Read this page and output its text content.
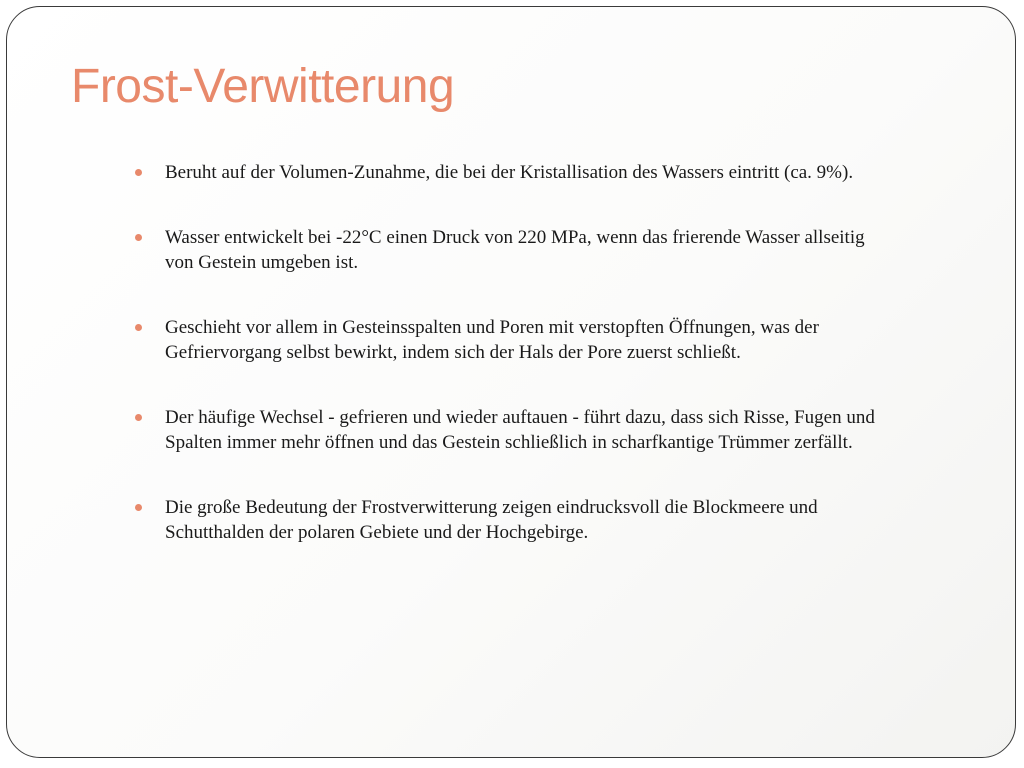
Frost-Verwitterung
Beruht auf der Volumen-Zunahme, die bei der Kristallisation des Wassers eintritt (ca. 9%).
Wasser entwickelt bei -22°C einen Druck von 220 MPa, wenn das frierende Wasser allseitig von Gestein umgeben ist.
Geschieht vor allem in Gesteinsspalten und Poren mit verstopften Öffnungen, was der Gefriervorgang selbst bewirkt, indem sich der Hals der Pore zuerst schließt.
Der häufige Wechsel - gefrieren und wieder auftauen - führt dazu, dass sich Risse, Fugen und Spalten immer mehr öffnen und das Gestein schließlich in scharfkantige Trümmer zerfällt.
Die große Bedeutung der Frostverwitterung zeigen eindrucksvoll die Blockmeere und Schutthalden der polaren Gebiete und der Hochgebirge.
